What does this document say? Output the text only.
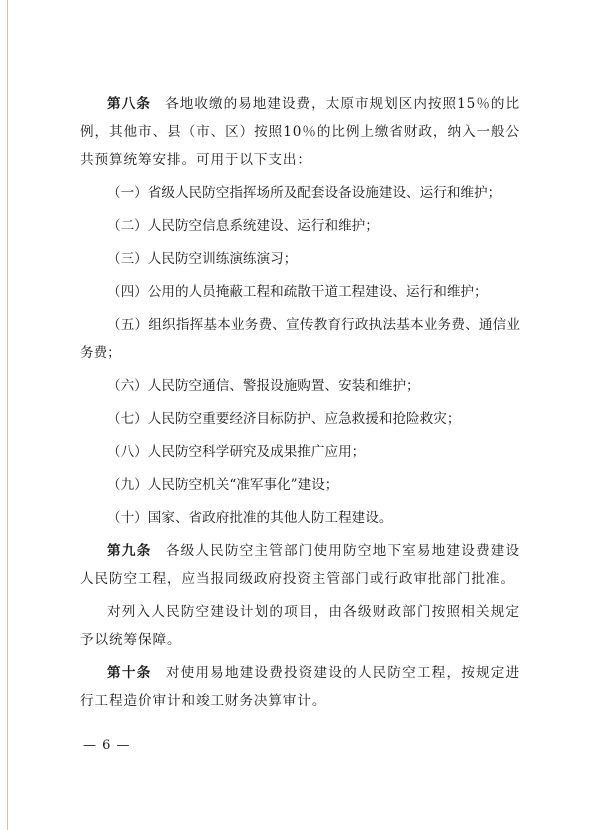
第八条 各地收缴的易地建设费，太原市规划区内按照15％的比例，其他市、县（市、区）按照10％的比例上缴省财政，纳入一般公共预算统筹安排。可用于以下支出：

（一）省级人民防空指挥场所及配套设备设施建设、运行和维护；

（二）人民防空信息系统建设、运行和维护；

（三）人民防空训练演练演习；

（四）公用的人员掩蔽工程和疏散干道工程建设、运行和维护；

（五）组织指挥基本业务费、宣传教育行政执法基本业务费、通信业务费；

（六）人民防空通信、警报设施购置、安装和维护；

（七）人民防空重要经济目标防护、应急救援和抢险救灾；

（八）人民防空科学研究及成果推广应用；

（九）人民防空机关“准军事化”建设；

（十）国家、省政府批准的其他人防工程建设。

第九条 各级人民防空主管部门使用防空地下室易地建设费建设人民防空工程，应当报同级政府投资主管部门或行政审批部门批准。

对列入人民防空建设计划的项目，由各级财政部门按照相关规定予以统筹保障。

第十条 对使用易地建设费投资建设的人民防空工程，按规定进行工程造价审计和竣工财务决算审计。

— 6 —
